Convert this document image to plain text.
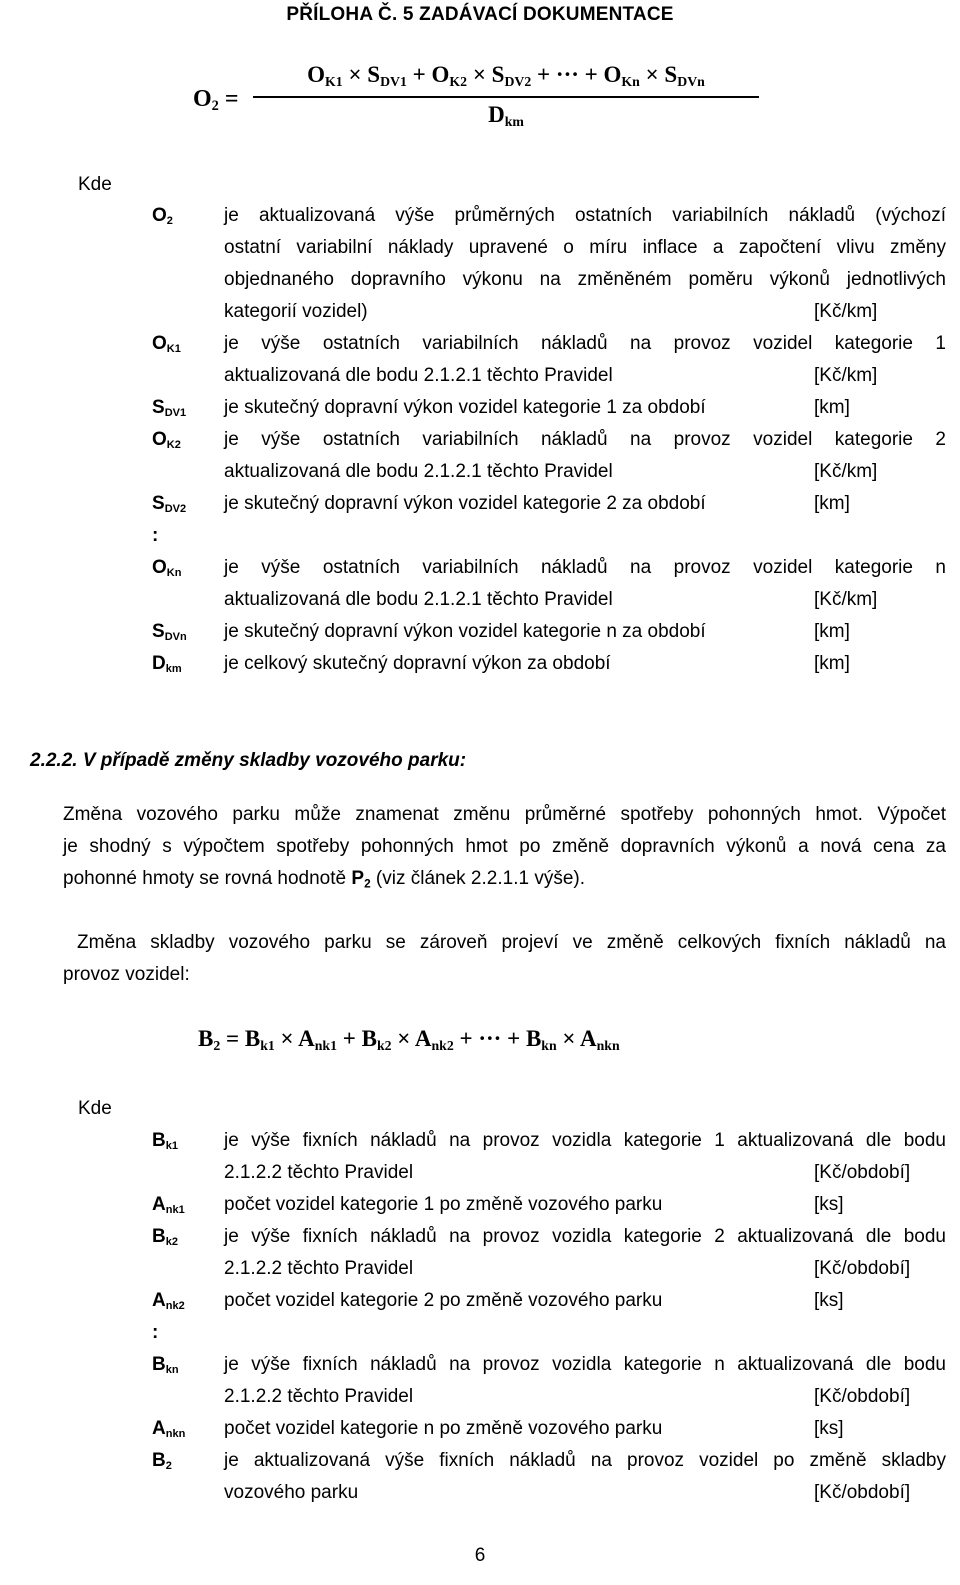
PŘÍLOHA Č. 5 ZADÁVACÍ DOKUMENTACE
$O_2$ =
$O_{K1} \times S_{DV1} + O_{K2} \times S_{DV2}$ + ··· + $O_{Kn} \times S_{DVn}$
$D_{km}$
Kde
$O_2$	je aktualizovaná výše průměrných ostatních variabilních nákladů (výchozí
ostatní variabilní náklady upravené o míru inflace a započtení vlivu změny
objednaného dopravního výkonu na změněném poměru výkonů jednotlivých
kategorií vozidel)	[Kč/km]
$O_{K1}$ je výše ostatních variabilních nákladů na provoz vozidel kategorie 1
aktualizovaná dle bodu 2.1.2.1 těchto Pravidel	[Kč/km]
$S_{DV1}$ je skutečný dopravní výkon vozidel kategorie 1 za období	[km]
$O_{K2}$ je výše ostatních variabilních nákladů na provoz vozidel kategorie 2
aktualizovaná dle bodu 2.1.2.1 těchto Pravidel	[Kč/km]
$S_{DV2}$ je skutečný dopravní výkon vozidel kategorie 2 za období	[km]
:
$O_{Kn}$ je výše ostatních variabilních nákladů na provoz vozidel kategorie n
aktualizovaná dle bodu 2.1.2.1 těchto Pravidel	[Kč/km]
$S_{DVn}$ je skutečný dopravní výkon vozidel kategorie n za období	[km]
$D_{km}$ je celkový skutečný dopravní výkon za období	[km]
2.2.2. V případě změny skladby vozového parku:
Změna vozového parku může znamenat změnu průměrné spotřeby pohonných hmot. Výpočet
je shodný s výpočtem spotřeby pohonných hmot po změně dopravních výkonů a nová cena za
pohonné hmoty se rovná hodnotě $P_2$ (viz článek 2.2.1.1 výše).
Změna skladby vozového parku se zároveň projeví ve změně celkových fixních nákladů na
provoz vozidel:
$B_2 = B_{k1} \times A_{nk1} + B_{k2} \times A_{nk2}$ + ··· + $B_{kn} \times A_{nkn}$
Kde
$B_{k1}$ je výše fixních nákladů na provoz vozidla kategorie 1 aktualizovaná dle bodu
2.1.2.2 těchto Pravidel	[Kč/období]
$A_{nk1}$ počet vozidel kategorie 1 po změně vozového parku	[ks]
$B_{k2}$ je výše fixních nákladů na provoz vozidla kategorie 2 aktualizovaná dle bodu
2.1.2.2 těchto Pravidel	[Kč/období]
$A_{nk2}$ počet vozidel kategorie 2 po změně vozového parku	[ks]
:
$B_{kn}$ je výše fixních nákladů na provoz vozidla kategorie n aktualizovaná dle bodu
2.1.2.2 těchto Pravidel	[Kč/období]
$A_{nkn}$ počet vozidel kategorie n po změně vozového parku	[ks]
$B_2$	je aktualizovaná výše fixních nákladů na provoz vozidel po změně skladby
vozového parku	[Kč/období]
6
